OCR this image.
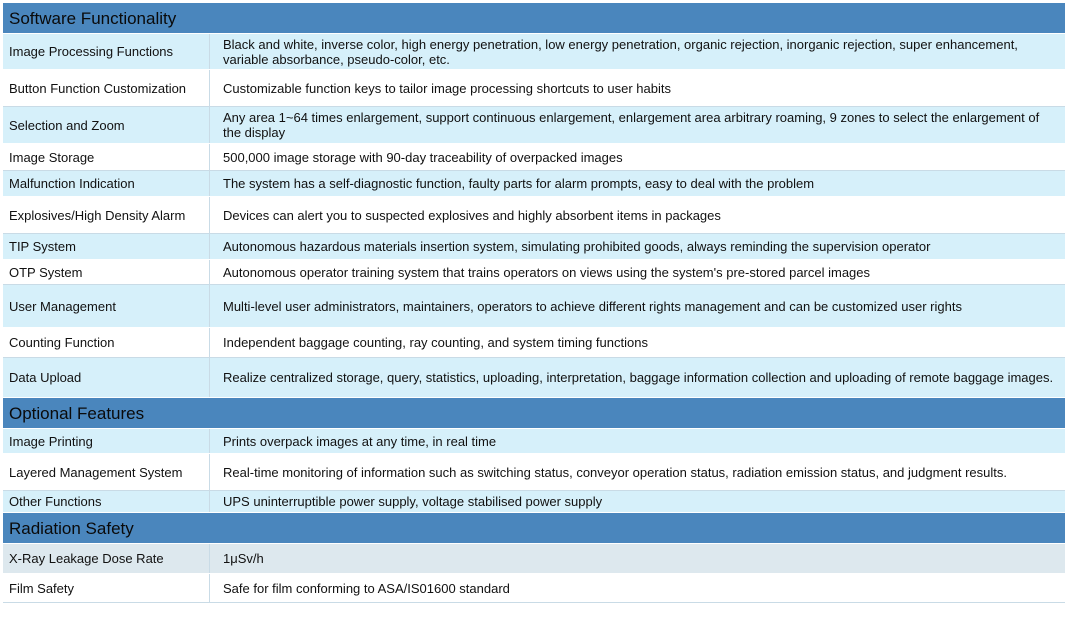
Software Functionality
Image Processing Functions	Black and white, inverse color, high energy penetration, low energy penetration, organic rejection, inorganic rejection, super enhancement, variable absorbance, pseudo-color, etc.
Button Function Customization	Customizable function keys to tailor image processing shortcuts to user habits
Selection and Zoom	Any area 1~64 times enlargement, support continuous enlargement, enlargement area arbitrary roaming, 9 zones to select the enlargement of the display
Image Storage	500,000 image storage with 90-day traceability of overpacked images
Malfunction Indication	The system has a self-diagnostic function, faulty parts for alarm prompts, easy to deal with the problem
Explosives/High Density Alarm	Devices can alert you to suspected explosives and highly absorbent items in packages
TIP System	Autonomous hazardous materials insertion system, simulating prohibited goods, always reminding the supervision operator
OTP System	Autonomous operator training system that trains operators on views using the system's pre-stored parcel images
User Management	Multi-level user administrators, maintainers, operators to achieve different rights management and can be customized user rights
Counting Function	Independent baggage counting, ray counting, and system timing functions
Data Upload	Realize centralized storage, query, statistics, uploading, interpretation, baggage information collection and uploading of remote baggage images.
Optional Features
Image Printing	Prints overpack images at any time, in real time
Layered Management System	Real-time monitoring of information such as switching status, conveyor operation status, radiation emission status, and judgment results.
Other Functions	UPS uninterruptible power supply, voltage stabilised power supply
Radiation Safety
X-Ray Leakage Dose Rate	1μSv/h
Film Safety	Safe for film conforming to ASA/IS01600 standard
